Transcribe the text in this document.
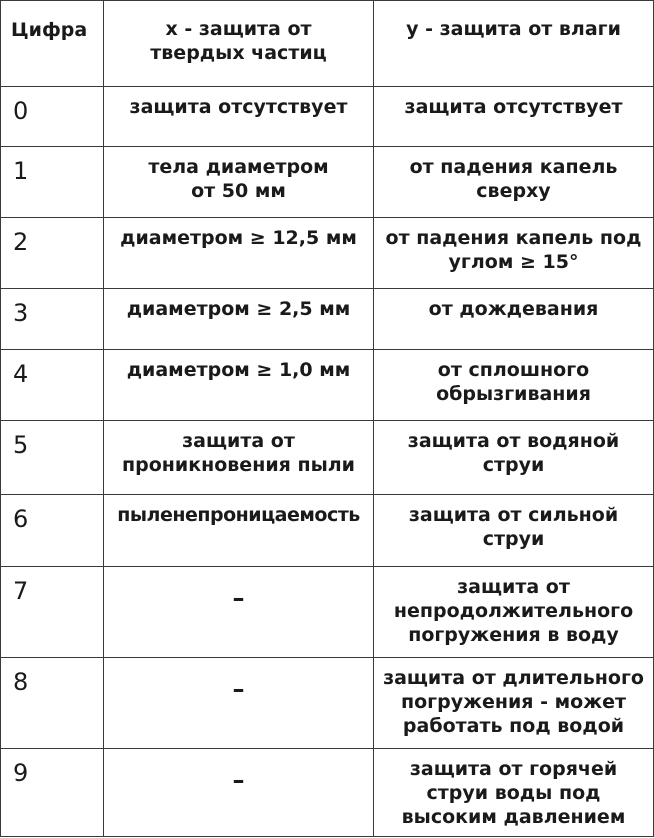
Цифра	х - защита от твердых частиц	у - защита от влаги

0	защита отсутствует	защита отсутствует

1	тела диаметром от 50 мм	от падения капель сверху

2	диаметром ≥ 12,5 мм	от падения капель под углом ≥ 15°

3	диаметром ≥ 2,5 мм	от дождевания

4	диаметром ≥ 1,0 мм	от сплошного обрызгивания

5	защита от проникновения пыли	защита от водяной струи

6	пыленепроницаемость	защита от сильной струи

7	–	защита от непродолжительного погружения в воду

8	–	защита от длительного погружения - может работать под водой

9	–	защита от горячей струи воды под высоким давлением
